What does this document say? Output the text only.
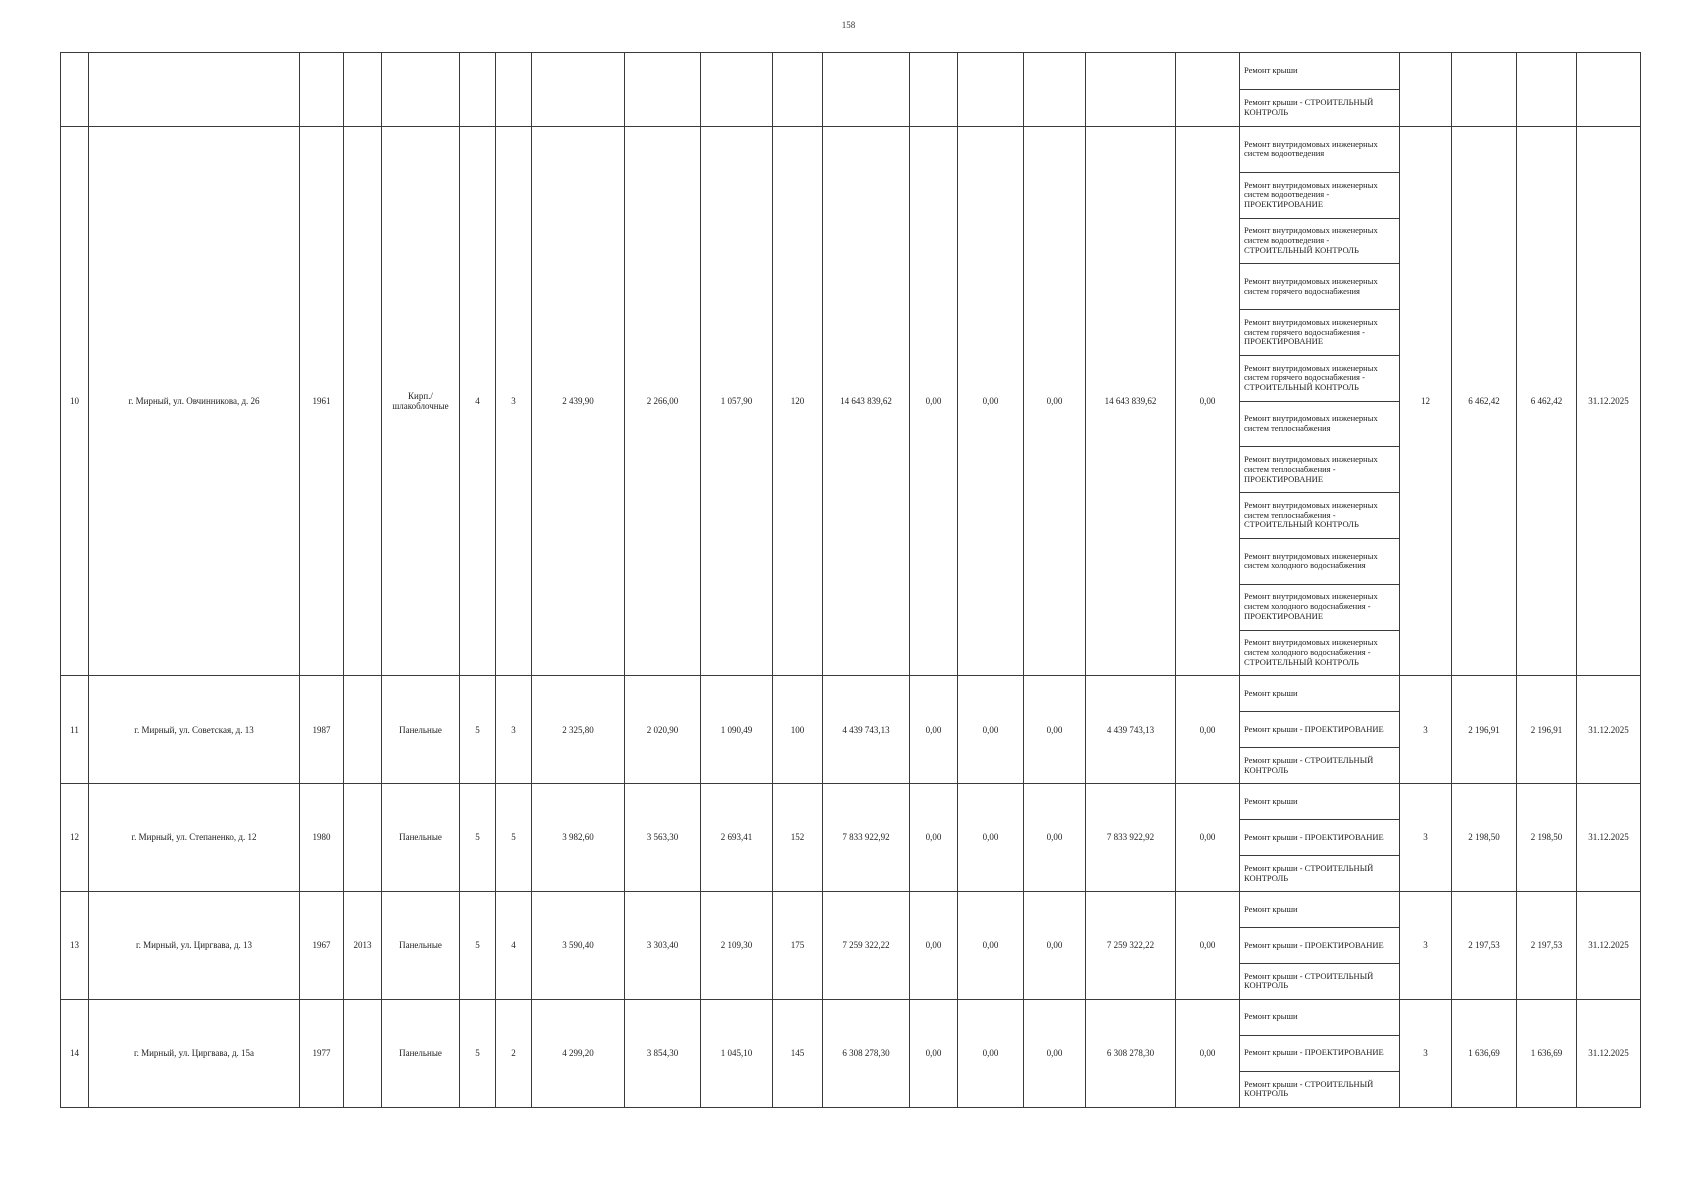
158
																	Ремонт крыши				
																	Ремонт крыши - СТРОИТЕЛЬНЫЙ КОНТРОЛЬ				
10	г. Мирный, ул. Овчинникова, д. 26	1961		Кирп./ шлакоблочные	4	3	2 439,90	2 266,00	1 057,90	120	14 643 839,62	0,00	0,00	0,00	14 643 839,62	0,00	Ремонт внутридомовых инженерных систем водоотведения	12	6 462,42	6 462,42	31.12.2025
																	Ремонт внутридомовых инженерных систем водоотведения - ПРОЕКТИРОВАНИЕ				
																	Ремонт внутридомовых инженерных систем водоотведения - СТРОИТЕЛЬНЫЙ КОНТРОЛЬ				
																	Ремонт внутридомовых инженерных систем горячего водоснабжения				
																	Ремонт внутридомовых инженерных систем горячего водоснабжения - ПРОЕКТИРОВАНИЕ				
																	Ремонт внутридомовых инженерных систем горячего водоснабжения - СТРОИТЕЛЬНЫЙ КОНТРОЛЬ				
																	Ремонт внутридомовых инженерных систем теплоснабжения				
																	Ремонт внутридомовых инженерных систем теплоснабжения - ПРОЕКТИРОВАНИЕ				
																	Ремонт внутридомовых инженерных систем теплоснабжения - СТРОИТЕЛЬНЫЙ КОНТРОЛЬ				
																	Ремонт внутридомовых инженерных систем холодного водоснабжения				
																	Ремонт внутридомовых инженерных систем холодного водоснабжения - ПРОЕКТИРОВАНИЕ				
																	Ремонт внутридомовых инженерных систем холодного водоснабжения - СТРОИТЕЛЬНЫЙ КОНТРОЛЬ				
11	г. Мирный, ул. Советская, д. 13	1987		Панельные	5	3	2 325,80	2 020,90	1 090,49	100	4 439 743,13	0,00	0,00	0,00	4 439 743,13	0,00	Ремонт крыши	3	2 196,91	2 196,91	31.12.2025
																	Ремонт крыши - ПРОЕКТИРОВАНИЕ				
																	Ремонт крыши - СТРОИТЕЛЬНЫЙ КОНТРОЛЬ				
12	г. Мирный, ул. Степаненко, д. 12	1980		Панельные	5	5	3 982,60	3 563,30	2 693,41	152	7 833 922,92	0,00	0,00	0,00	7 833 922,92	0,00	Ремонт крыши	3	2 198,50	2 198,50	31.12.2025
																	Ремонт крыши - ПРОЕКТИРОВАНИЕ				
																	Ремонт крыши - СТРОИТЕЛЬНЫЙ КОНТРОЛЬ				
13	г. Мирный, ул. Циргвава, д. 13	1967	2013	Панельные	5	4	3 590,40	3 303,40	2 109,30	175	7 259 322,22	0,00	0,00	0,00	7 259 322,22	0,00	Ремонт крыши	3	2 197,53	2 197,53	31.12.2025
																	Ремонт крыши - ПРОЕКТИРОВАНИЕ				
																	Ремонт крыши - СТРОИТЕЛЬНЫЙ КОНТРОЛЬ				
14	г. Мирный, ул. Циргвава, д. 15а	1977		Панельные	5	2	4 299,20	3 854,30	1 045,10	145	6 308 278,30	0,00	0,00	0,00	6 308 278,30	0,00	Ремонт крыши	3	1 636,69	1 636,69	31.12.2025
																	Ремонт крыши - ПРОЕКТИРОВАНИЕ				
																	Ремонт крыши - СТРОИТЕЛЬНЫЙ КОНТРОЛЬ				
